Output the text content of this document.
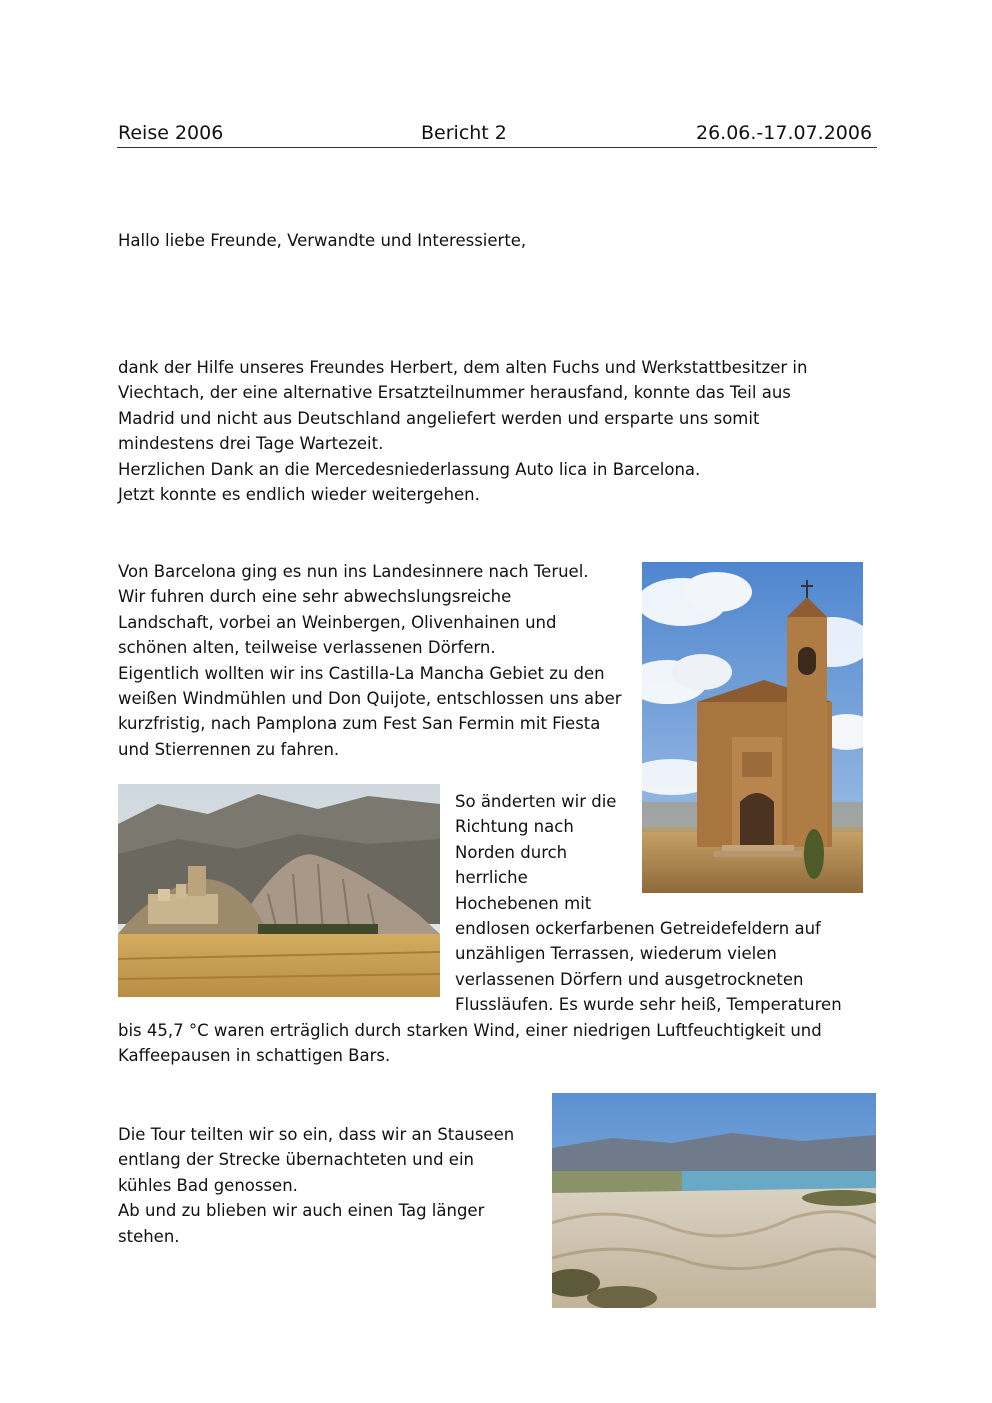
Reise 2006	Bericht 2	26.06.-17.07.2006
Hallo liebe Freunde, Verwandte und Interessierte,
dank der Hilfe unseres Freundes Herbert, dem alten Fuchs und Werkstattbesitzer in
Viechtach, der eine alternative Ersatzteilnummer herausfand, konnte das Teil aus
Madrid und nicht aus Deutschland angeliefert werden und ersparte uns somit
mindestens drei Tage Wartezeit.
Herzlichen Dank an die Mercedesniederlassung Auto lica in Barcelona.
Jetzt konnte es endlich wieder weitergehen.
Von Barcelona ging es nun ins Landesinnere nach Teruel.
Wir fuhren durch eine sehr abwechslungsreiche
Landschaft, vorbei an Weinbergen, Olivenhainen und
schönen alten, teilweise verlassenen Dörfern.
Eigentlich wollten wir ins Castilla-La Mancha Gebiet zu den
weißen Windmühlen und Don Quijote, entschlossen uns aber
kurzfristig, nach Pamplona zum Fest San Fermin mit Fiesta
und Stierrennen zu fahren.
So änderten wir die
Richtung nach
Norden durch
herrliche
Hochebenen mit
endlosen ockerfarbenen Getreidefeldern auf
unzähligen Terrassen, wiederum vielen
verlassenen Dörfern und ausgetrockneten
Flussläufen. Es wurde sehr heiß, Temperaturen
bis 45,7 °C waren erträglich durch starken Wind, einer niedrigen Luftfeuchtigkeit und
Kaffeepausen in schattigen Bars.
Die Tour teilten wir so ein, dass wir an Stauseen
entlang der Strecke übernachteten und ein
kühles Bad genossen.
Ab und zu blieben wir auch einen Tag länger
stehen.
